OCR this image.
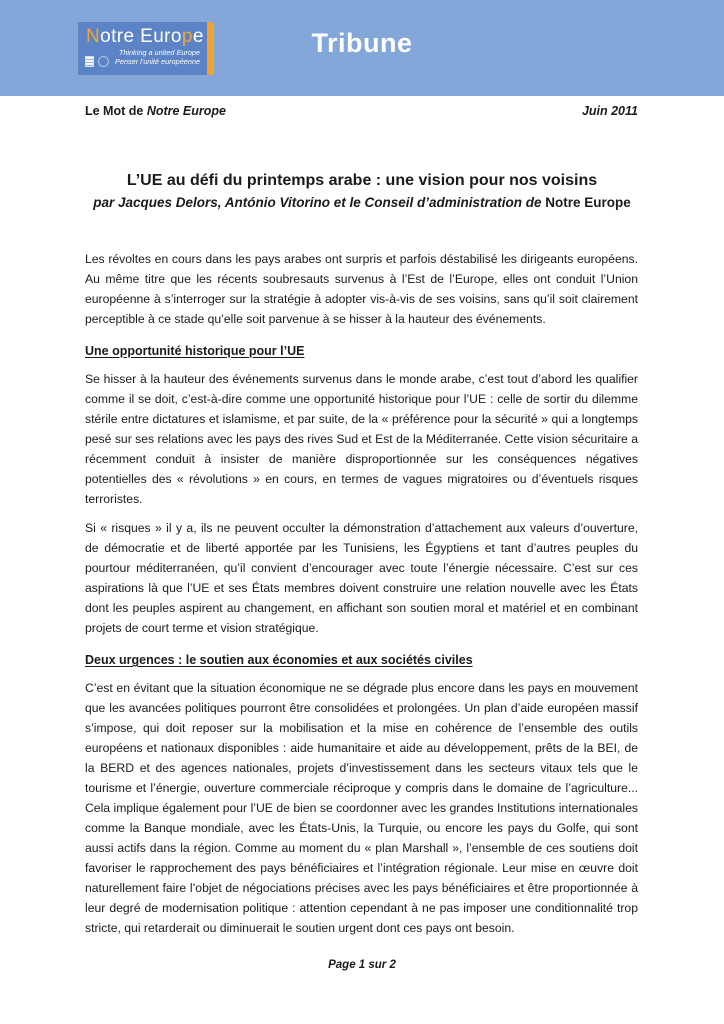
Notre Europe
Thinking a united Europe
Penser l'unité européenne
Tribune
Le Mot de Notre Europe	Juin 2011
L’UE au défi du printemps arabe : une vision pour nos voisins
par Jacques Delors, António Vitorino et le Conseil d’administration de Notre Europe

Les révoltes en cours dans les pays arabes ont surpris et parfois déstabilisé les dirigeants européens. Au même titre que les récents soubresauts survenus à l’Est de l’Europe, elles ont conduit l’Union européenne à s’interroger sur la stratégie à adopter vis-à-vis de ses voisins, sans qu’il soit clairement perceptible à ce stade qu’elle soit parvenue à se hisser à la hauteur des événements.

Une opportunité historique pour l’UE

Se hisser à la hauteur des événements survenus dans le monde arabe, c’est tout d’abord les qualifier comme il se doit, c’est-à-dire comme une opportunité historique pour l’UE : celle de sortir du dilemme stérile entre dictatures et islamisme, et par suite, de la « préférence pour la sécurité » qui a longtemps pesé sur ses relations avec les pays des rives Sud et Est de la Méditerranée. Cette vision sécuritaire a récemment conduit à insister de manière disproportionnée sur les conséquences négatives potentielles des « révolutions » en cours, en termes de vagues migratoires ou d’éventuels risques terroristes.

Si « risques » il y a, ils ne peuvent occulter la démonstration d’attachement aux valeurs d’ouverture, de démocratie et de liberté apportée par les Tunisiens, les Égyptiens et tant d’autres peuples du pourtour méditerranéen, qu’il convient d’encourager avec toute l’énergie nécessaire. C’est sur ces aspirations là que l’UE et ses États membres doivent construire une relation nouvelle avec les États dont les peuples aspirent au changement, en affichant son soutien moral et matériel et en combinant projets de court terme et vision stratégique.

Deux urgences : le soutien aux économies et aux sociétés civiles

C’est en évitant que la situation économique ne se dégrade plus encore dans les pays en mouvement que les avancées politiques pourront être consolidées et prolongées. Un plan d’aide européen massif s’impose, qui doit reposer sur la mobilisation et la mise en cohérence de l’ensemble des outils européens et nationaux disponibles : aide humanitaire et aide au développement, prêts de la BEI, de la BERD et des agences nationales, projets d’investissement dans les secteurs vitaux tels que le tourisme et l’énergie, ouverture commerciale réciproque y compris dans le domaine de l’agriculture... Cela implique également pour l’UE de bien se coordonner avec les grandes Institutions internationales comme la Banque mondiale, avec les États-Unis, la Turquie, ou encore les pays du Golfe, qui sont aussi actifs dans la région. Comme au moment du « plan Marshall », l’ensemble de ces soutiens doit favoriser le rapprochement des pays bénéficiaires et l’intégration régionale. Leur mise en œuvre doit naturellement faire l’objet de négociations précises avec les pays bénéficiaires et être proportionnée à leur degré de modernisation politique : attention cependant à ne pas imposer une conditionnalité trop stricte, qui retarderait ou diminuerait le soutien urgent dont ces pays ont besoin.

Page 1 sur 2
